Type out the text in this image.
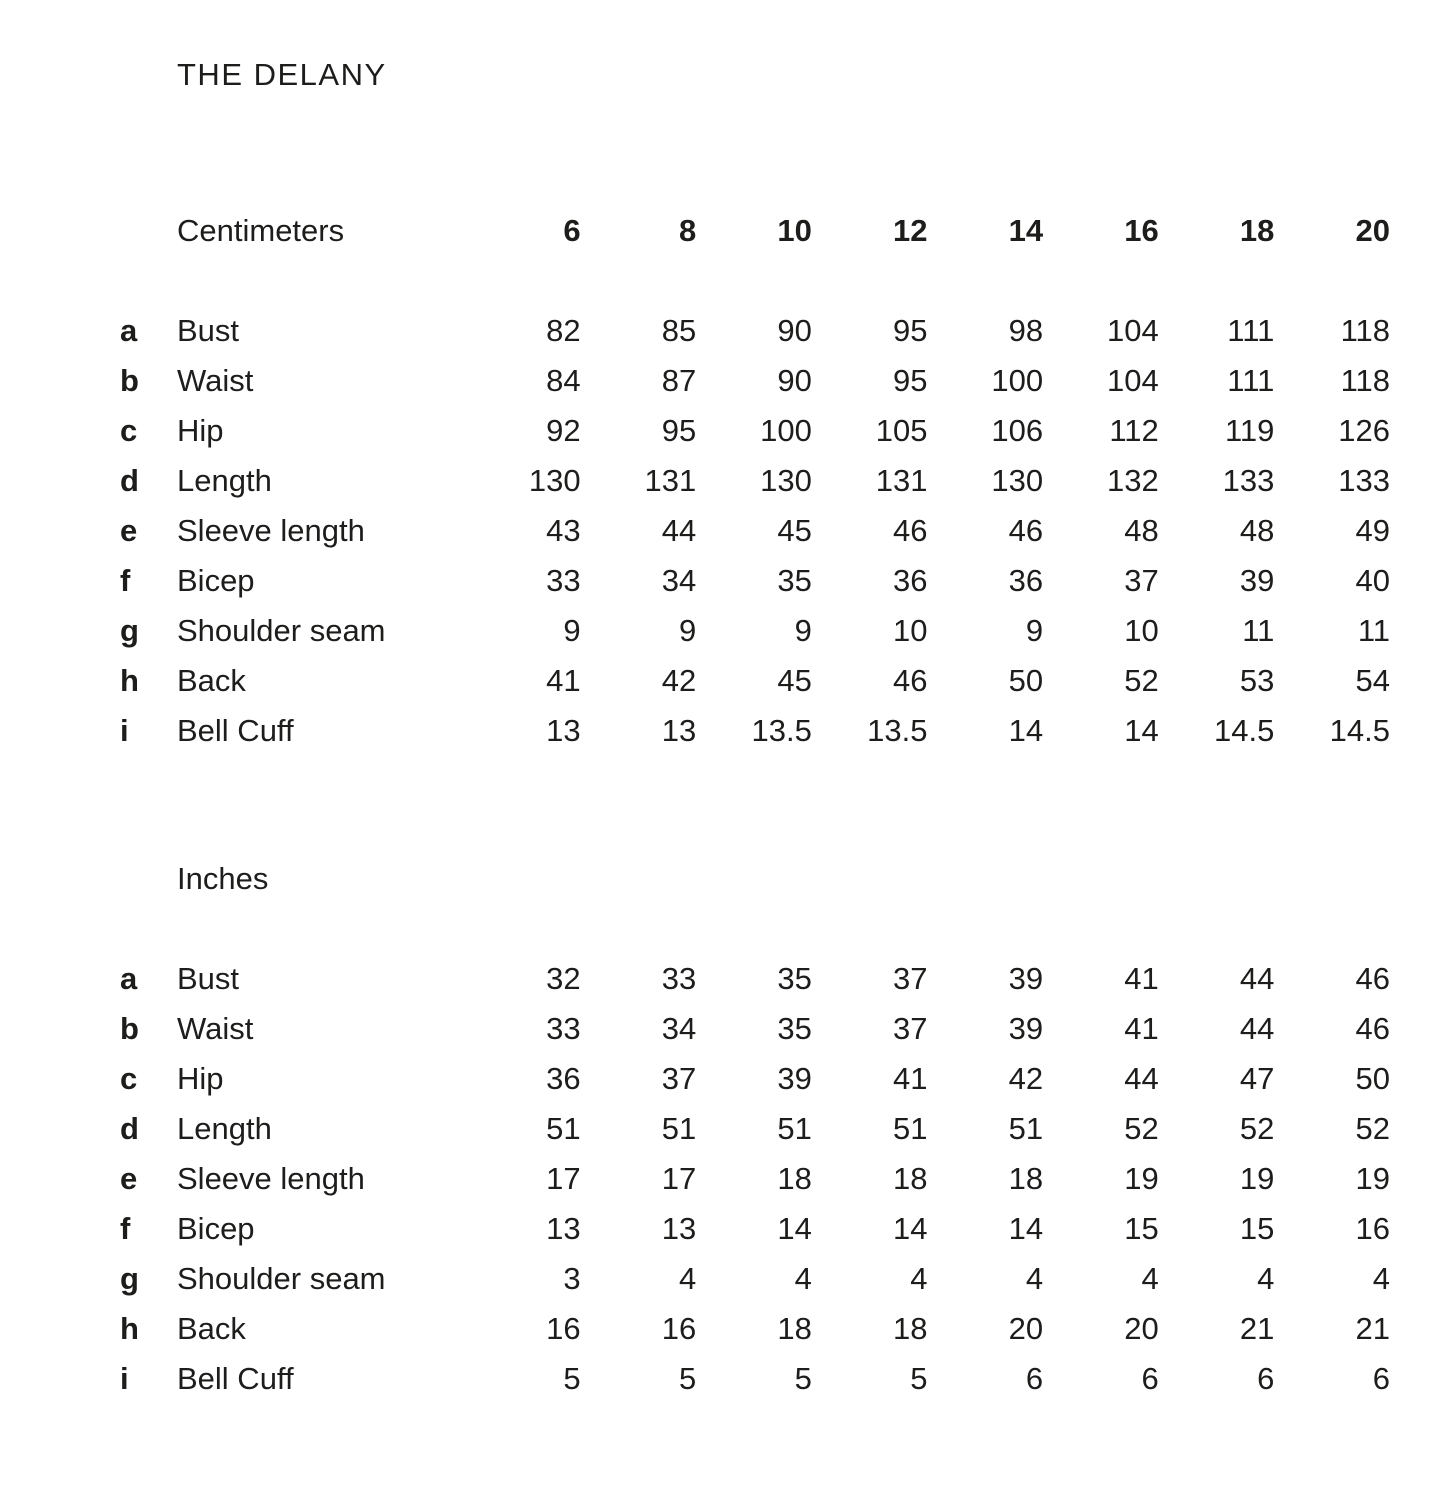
THE DELANY
Centimeters	6	8	10	12	14	16	18	20
a	Bust	82	85	90	95	98	104	111	118
b	Waist	84	87	90	95	100	104	111	118
c	Hip	92	95	100	105	106	112	119	126
d	Length	130	131	130	131	130	132	133	133
e	Sleeve length	43	44	45	46	46	48	48	49
f	Bicep	33	34	35	36	36	37	39	40
g	Shoulder seam	9	9	9	10	9	10	11	11
h	Back	41	42	45	46	50	52	53	54
i	Bell Cuff	13	13	13.5	13.5	14	14	14.5	14.5
Inches
a	Bust	32	33	35	37	39	41	44	46
b	Waist	33	34	35	37	39	41	44	46
c	Hip	36	37	39	41	42	44	47	50
d	Length	51	51	51	51	51	52	52	52
e	Sleeve length	17	17	18	18	18	19	19	19
f	Bicep	13	13	14	14	14	15	15	16
g	Shoulder seam	3	4	4	4	4	4	4	4
h	Back	16	16	18	18	20	20	21	21
i	Bell Cuff	5	5	5	5	6	6	6	6
